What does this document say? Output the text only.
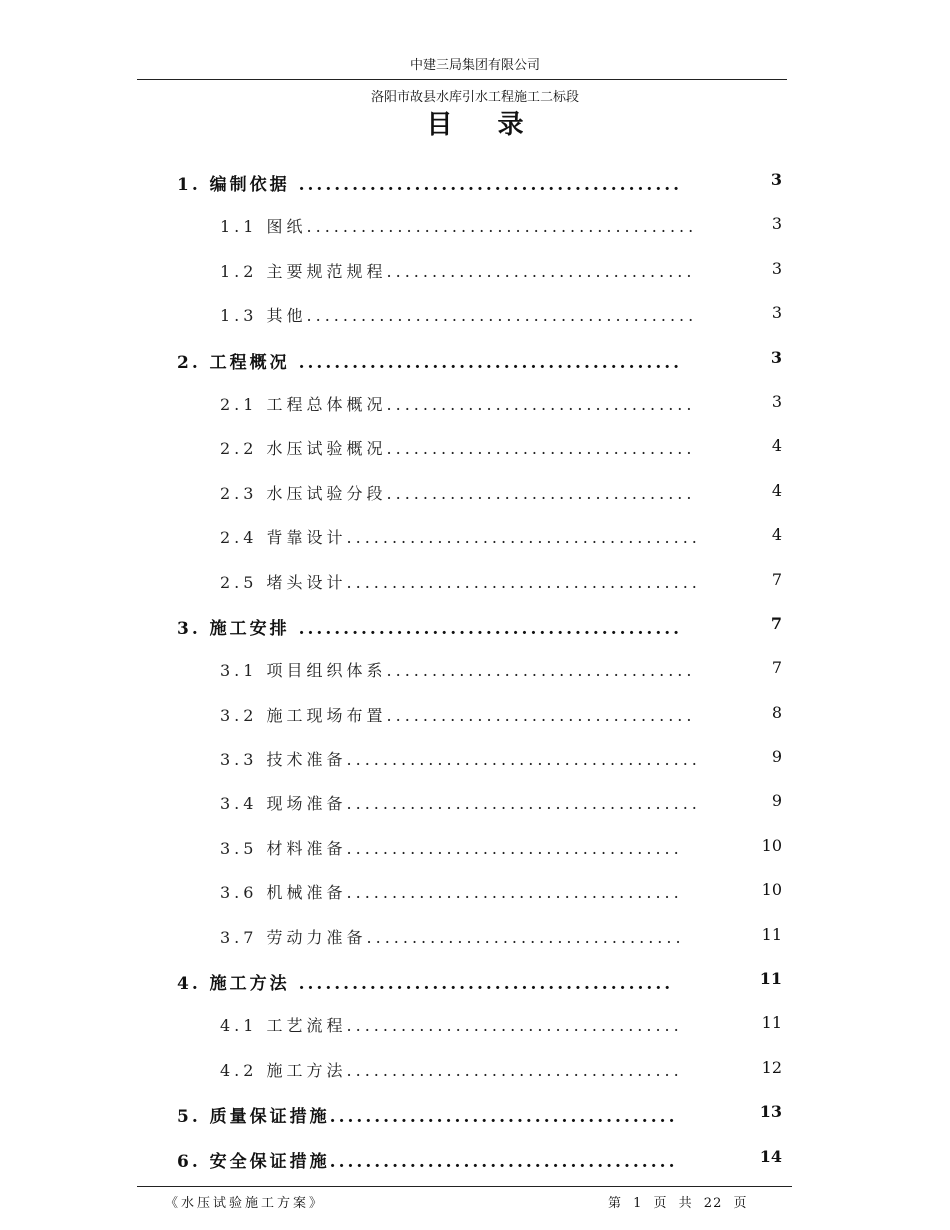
中建三局集团有限公司
洛阳市故县水库引水工程施工二标段
目 录
1. 编制依据 ...........................................	3
1.1 图纸...........................................	3
1.2 主要规范规程..................................	3
1.3 其他...........................................	3
2. 工程概况 ...........................................	3
2.1 工程总体概况..................................	3
2.2 水压试验概况..................................	4
2.3 水压试验分段..................................	4
2.4 背靠设计.......................................	4
2.5 堵头设计.......................................	7
3. 施工安排 ...........................................	7
3.1 项目组织体系..................................	7
3.2 施工现场布置..................................	8
3.3 技术准备.......................................	9
3.4 现场准备.......................................	9
3.5 材料准备.....................................	10
3.6 机械准备.....................................	10
3.7 劳动力准备...................................	11
4. 施工方法 ..........................................	11
4.1 工艺流程.....................................	11
4.2 施工方法.....................................	12
5. 质量保证措施.......................................	13
6. 安全保证措施.......................................	14
《水压试验施工方案》	第 1 页 共 22 页
